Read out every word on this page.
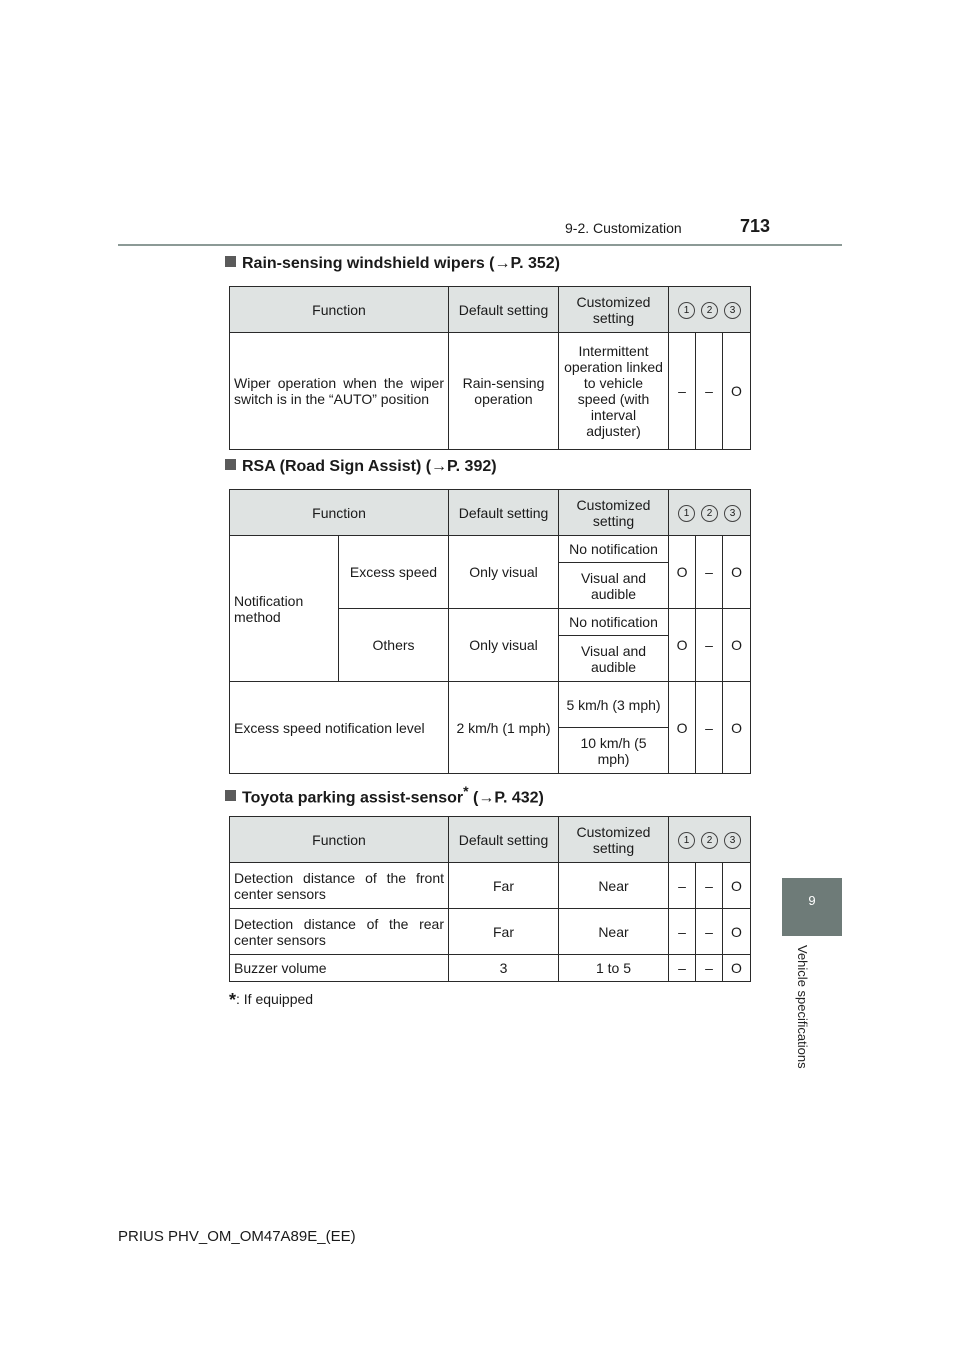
9-2. Customization	713
9
Vehicle specifications
Rain-sensing windshield wipers (→P. 352)
Function	Default setting	Customized setting	1 2 3		
Wiper operation when the wiper switch is in the “AUTO” position	Rain-sensing operation	Intermittent operation linked to vehicle speed (with interval adjuster)	–	–	O
RSA (Road Sign Assist) (→P. 392)
Function		Default setting	Customized setting	1 2 3		
Notification method	Excess speed	Only visual	No notification	O	–	O
			Visual and audible			
	Others	Only visual	No notification	O	–	O
			Visual and audible			
Excess speed notification level		2 km/h (1 mph)	5 km/h (3 mph)	O	–	O
			10 km/h (5 mph)			
Toyota parking assist-sensor* (→P. 432)
Function	Default setting	Customized setting	1 2 3		
Detection distance of the front center sensors	Far	Near	–	–	O
Detection distance of the rear center sensors	Far	Near	–	–	O
Buzzer volume	3	1 to 5	–	–	O
*: If equipped
PRIUS PHV_OM_OM47A89E_(EE)
